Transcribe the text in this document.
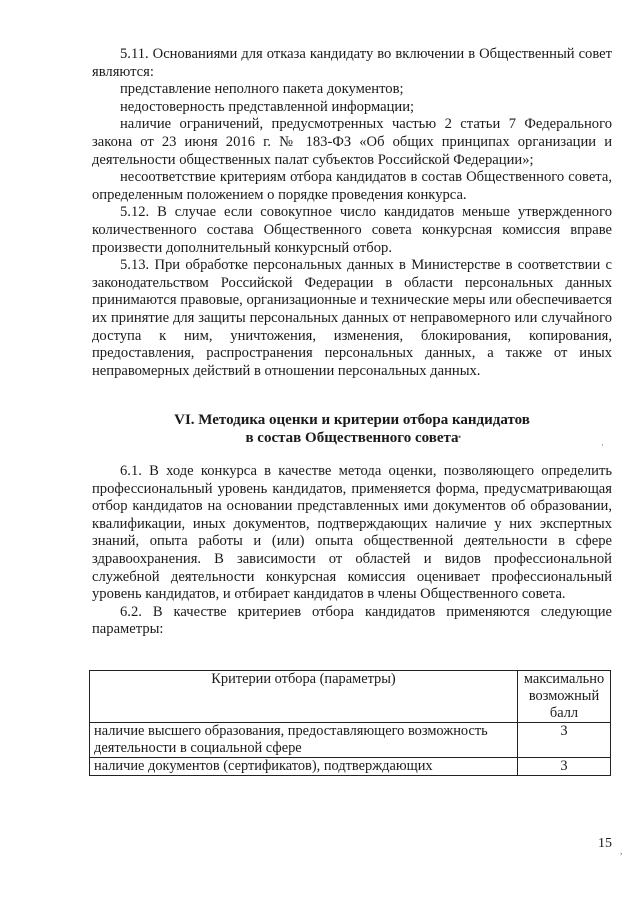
5.11. Основаниями для отказа кандидату во включении в Общественный совет являются:

представление неполного пакета документов;

недостоверность представленной информации;

наличие ограничений, предусмотренных частью 2 статьи 7 Федерального закона от 23 июня 2016 г. № 183-ФЗ «Об общих принципах организации и деятельности общественных палат субъектов Российской Федерации»;

несоответствие критериям отбора кандидатов в состав Общественного совета, определенным положением о порядке проведения конкурса.

5.12. В случае если совокупное число кандидатов меньше утвержденного количественного состава Общественного совета конкурсная комиссия вправе произвести дополнительный конкурсный отбор.

5.13. При обработке персональных данных в Министерстве в соответствии с законодательством Российской Федерации в области персональных данных принимаются правовые, организационные и технические меры или обеспечивается их принятие для защиты персональных данных от неправомерного или случайного доступа к ним, уничтожения, изменения, блокирования, копирования, предоставления, распространения персональных данных, а также от иных неправомерных действий в отношении персональных данных.

VI. Методика оценки и критерии отбора кандидатов
в состав Общественного совета

6.1. В ходе конкурса в качестве метода оценки, позволяющего определить профессиональный уровень кандидатов, применяется форма, предусматривающая отбор кандидатов на основании представленных ими документов об образовании, квалификации, иных документов, подтверждающих наличие у них экспертных знаний, опыта работы и (или) опыта общественной деятельности в сфере здравоохранения. В зависимости от областей и видов профессиональной служебной деятельности конкурсная комиссия оценивает профессиональный уровень кандидатов, и отбирает кандидатов в члены Общественного совета.

6.2. В качестве критериев отбора кандидатов применяются следующие параметры:

Критерии отбора (параметры)	максимально возможный балл
наличие высшего образования, предоставляющего возможность деятельности в социальной сфере	3
наличие документов (сертификатов), подтверждающих	3
15
•
·
,
